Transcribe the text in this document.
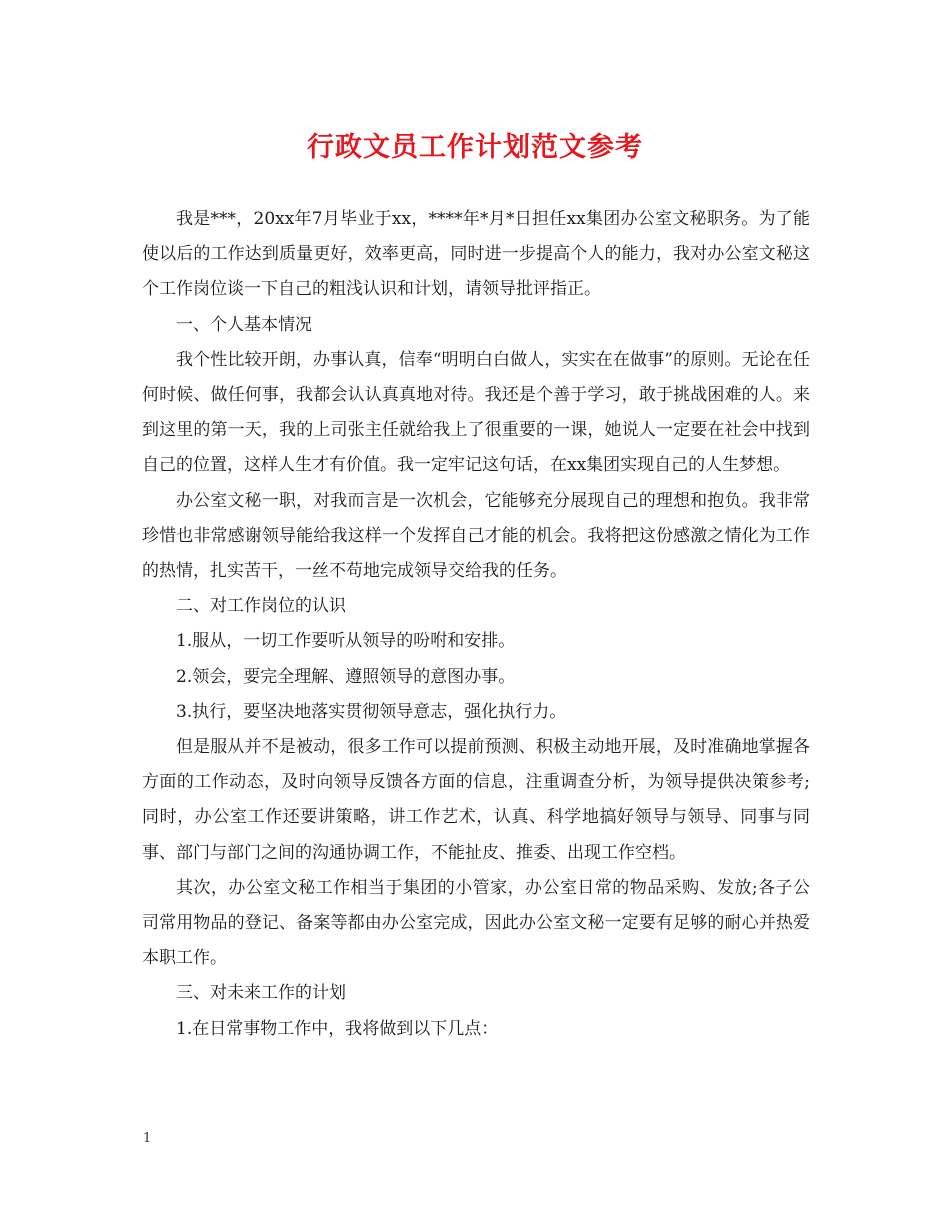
行政文员工作计划范文参考

我是***，20xx年7月毕业于xx，****年*月*日担任xx集团办公室文秘职务。为了能使以后的工作达到质量更好，效率更高，同时进一步提高个人的能力，我对办公室文秘这个工作岗位谈一下自己的粗浅认识和计划，请领导批评指正。

一、个人基本情况

我个性比较开朗，办事认真，信奉“明明白白做人，实实在在做事”的原则。无论在任何时候、做任何事，我都会认认真真地对待。我还是个善于学习，敢于挑战困难的人。来到这里的第一天，我的上司张主任就给我上了很重要的一课，她说人一定要在社会中找到自己的位置，这样人生才有价值。我一定牢记这句话，在xx集团实现自己的人生梦想。

办公室文秘一职，对我而言是一次机会，它能够充分展现自己的理想和抱负。我非常珍惜也非常感谢领导能给我这样一个发挥自己才能的机会。我将把这份感激之情化为工作的热情，扎实苦干，一丝不苟地完成领导交给我的任务。

二、对工作岗位的认识

1.服从，一切工作要听从领导的吩咐和安排。

2.领会，要完全理解、遵照领导的意图办事。

3.执行，要坚决地落实贯彻领导意志，强化执行力。

但是服从并不是被动，很多工作可以提前预测、积极主动地开展，及时准确地掌握各方面的工作动态，及时向领导反馈各方面的信息，注重调查分析，为领导提供决策参考;同时，办公室工作还要讲策略，讲工作艺术，认真、科学地搞好领导与领导、同事与同事、部门与部门之间的沟通协调工作，不能扯皮、推委、出现工作空档。

其次，办公室文秘工作相当于集团的小管家，办公室日常的物品采购、发放;各子公司常用物品的登记、备案等都由办公室完成，因此办公室文秘一定要有足够的耐心并热爱本职工作。

三、对未来工作的计划

1.在日常事物工作中，我将做到以下几点：

1
